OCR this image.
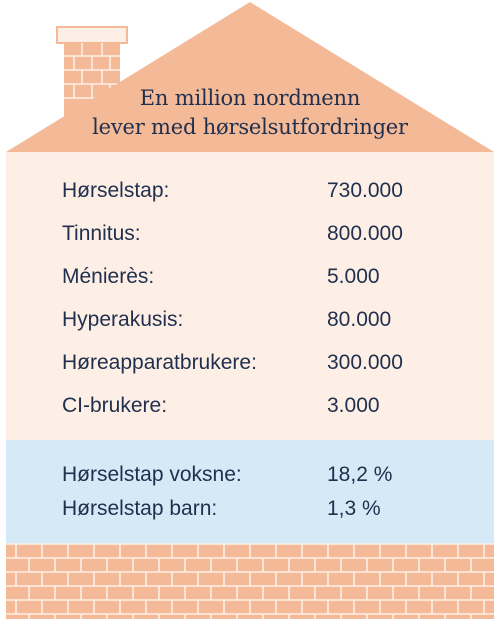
En million nordmenn
lever med hørselsutfordringer
Hørselstap:	730.000
Tinnitus:	800.000
Ménierès:	5.000
Hyperakusis:	80.000
Høreapparatbrukere:	300.000
CI-brukere:	3.000
Hørselstap voksne:	18,2 %
Hørselstap barn:	1,3 %
